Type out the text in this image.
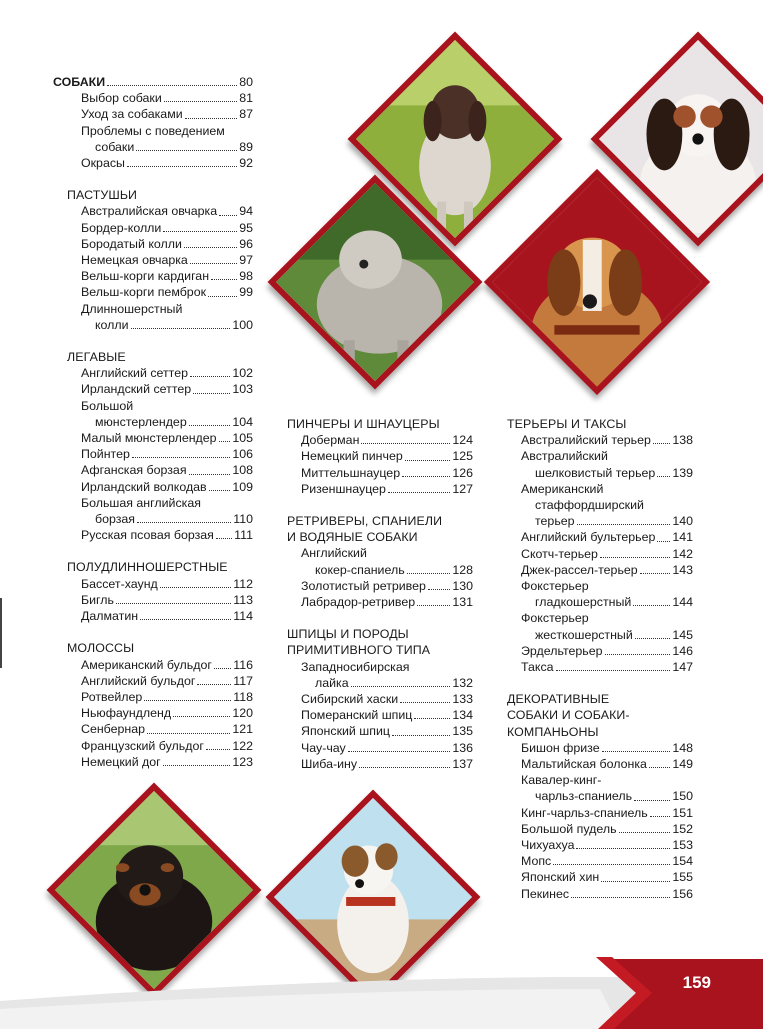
СОБАКИ	80
Выбор собаки	81
Уход за собаками	87
Проблемы с поведением
собаки	89
Окрасы	92
ПАСТУШЬИ
Австралийская овчарка 94
Бордер-колли	95
Бородатый колли	96
Немецкая овчарка	97
Вельш-корги кардиган 98
Вельш-корги пемброк	99
Длинношерстный
колли	100
ЛЕГАВЫЕ
Английский сеттер	102
Ирландский сеттер	103
Большой
мюнстерлендер	104
Малый мюнстерлендер 105
Пойнтер	106
Афганская борзая	108
Ирландский волкодав 109
Большая английская
борзая	110
Русская псовая борзая 111
ПОЛУДЛИННОШЕРСТНЫЕ
Бассет-хаунд	112
Бигль	113
Далматин	114
МОЛОССЫ
Американский бульдог 116
Английский бульдог	117
Ротвейлер	118
Ньюфаундленд	120
Сенбернар	121
Французский бульдог 122
Немецкий дог	123
ПИНЧЕРЫ И ШНАУЦЕРЫ
Доберман	124
Немецкий пинчер	125
Миттельшнауцер	126
Ризеншнауцер	127
РЕТРИВЕРЫ, СПАНИЕЛИ
И ВОДЯНЫЕ СОБАКИ
Английский
кокер-спаниель	128
Золотистый ретривер 130
Лабрадор-ретривер	131
ШПИЦЫ И ПОРОДЫ
ПРИМИТИВНОГО ТИПА
Западносибирская
лайка	132
Сибирский хаски	133
Померанский шпиц	134
Японский шпиц	135
Чау-чау	136
Шиба-ину	137
ТЕРЬЕРЫ И ТАКСЫ
Австралийский терьер 138
Австралийский
шелковистый терьер 139
Американский
стаффордширский
терьер	140
Английский бультерьер 141
Скотч-терьер	142
Джек-рассел-терьер	143
Фокстерьер
гладкошерстный	144
Фокстерьер
жесткошерстный	145
Эрдельтерьер	146
Такса	147
ДЕКОРАТИВНЫЕ
СОБАКИ И СОБАКИ-
КОМПАНЬОНЫ
Бишон фризе	148
Мальтийская болонка 149
Кавалер-кинг-
чарльз-спаниель	150
Кинг-чарльз-спаниель 151
Большой пудель	152
Чихуахуа	153
Мопс	154
Японский хин	155
Пекинес	156
159
